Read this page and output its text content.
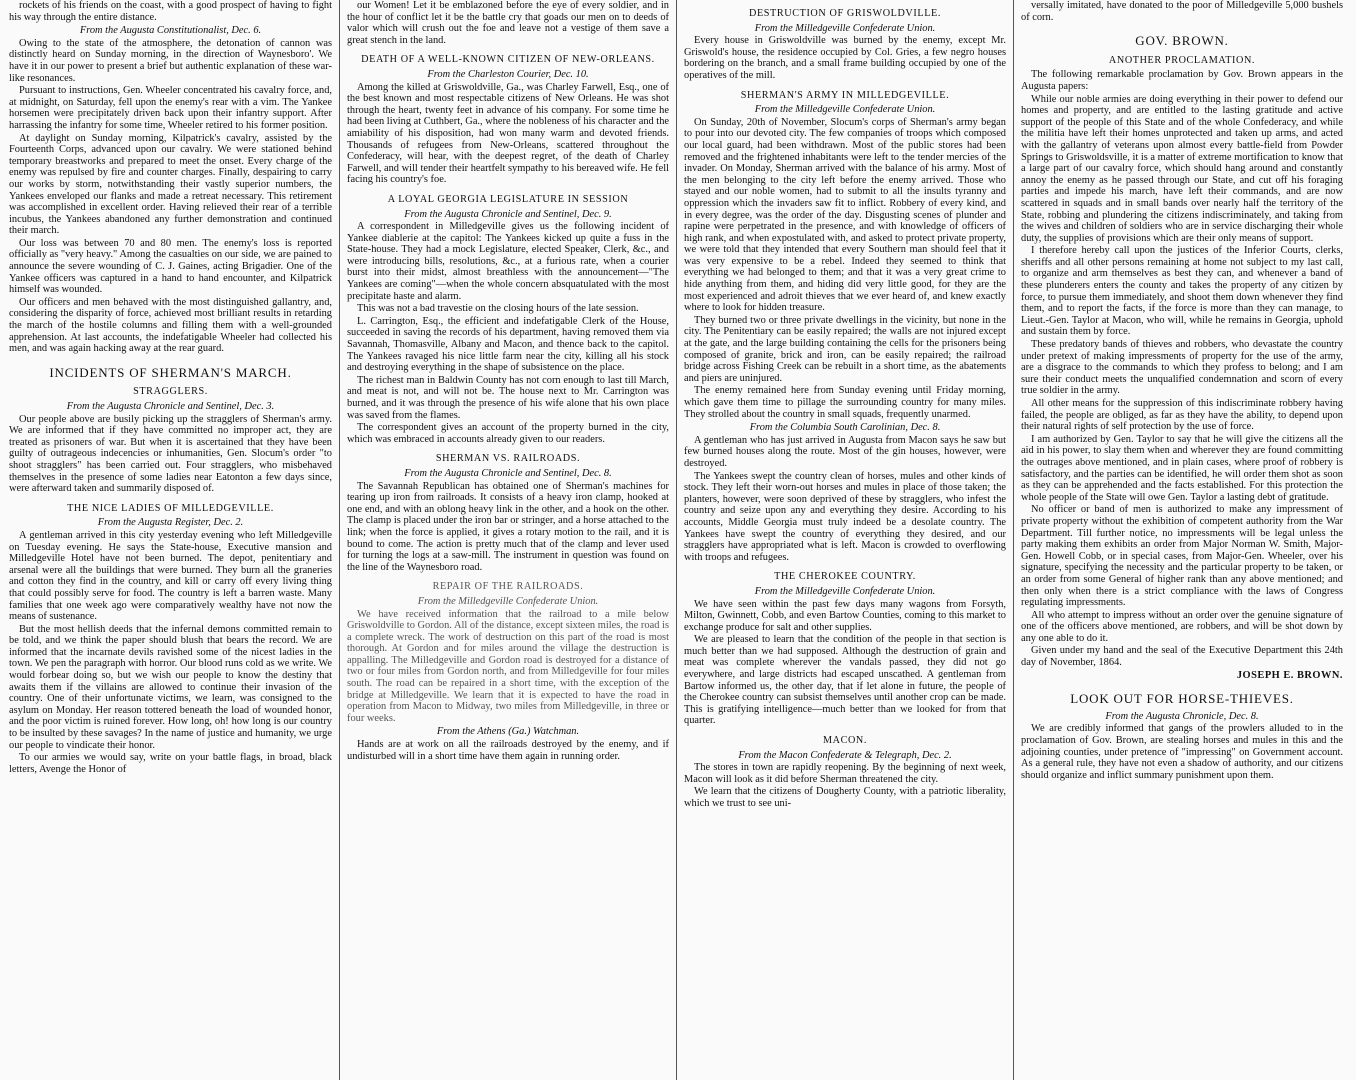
rockets of his friends on the coast, with a good prospect of having to fight his way through the entire distance.

From the Augusta Constitutionalist, Dec. 6.

Owing to the state of the atmosphere, the detonation of cannon was distinctly heard on Sunday morning, in the direction of Waynesboro'. We have it in our power to present a brief but authentic explanation of these war-like resonances.

Pursuant to instructions, Gen. Wheeler concentrated his cavalry force, and, at midnight, on Saturday, fell upon the enemy's rear with a vim. The Yankee horsemen were precipitately driven back upon their infantry support. After harrassing the infantry for some time, Wheeler retired to his former position.

At daylight on Sunday morning, Kilpatrick's cavalry, assisted by the Fourteenth Corps, advanced upon our cavalry. We were stationed behind temporary breastworks and prepared to meet the onset. Every charge of the enemy was repulsed by fire and counter charges. Finally, despairing to carry our works by storm, notwithstanding their vastly superior numbers, the Yankees enveloped our flanks and made a retreat necessary. This retirement was accomplished in excellent order. Having relieved their rear of a terrible incubus, the Yankees abandoned any further demonstration and continued their march.

Our loss was between 70 and 80 men. The enemy's loss is reported officially as "very heavy." Among the casualties on our side, we are pained to announce the severe wounding of C. J. Gaines, acting Brigadier. One of the Yankee officers was captured in a hand to hand encounter, and Kilpatrick himself was wounded.

Our officers and men behaved with the most distinguished gallantry, and, considering the disparity of force, achieved most brilliant results in retarding the march of the hostile columns and filling them with a well-grounded apprehension. At last accounts, the indefatigable Wheeler had collected his men, and was again hacking away at the rear guard.

INCIDENTS OF SHERMAN'S MARCH.
STRAGGLERS.

From the Augusta Chronicle and Sentinel, Dec. 3.

Our people above are busily picking up the stragglers of Sherman's army. We are informed that if they have committed no improper act, they are treated as prisoners of war. But when it is ascertained that they have been guilty of outrageous indecencies or inhumanities, Gen. Slocum's order "to shoot stragglers" has been carried out. Four stragglers, who misbehaved themselves in the presence of some ladies near Eatonton a few days since, were afterward taken and summarily disposed of.

THE NICE LADIES OF MILLEDGEVILLE.

From the Augusta Register, Dec. 2.

A gentleman arrived in this city yesterday evening who left Milledgeville on Tuesday evening. He says the State-house, Executive mansion and Milledgeville Hotel have not been burned. The depot, penitentiary and arsenal were all the buildings that were burned. They burn all the graneries and cotton they find in the country, and kill or carry off every living thing that could possibly serve for food. The country is left a barren waste. Many families that one week ago were comparatively wealthy have not now the means of sustenance.

But the most hellish deeds that the infernal demons committed remain to be told, and we think the paper should blush that bears the record. We are informed that the incarnate devils ravished some of the nicest ladies in the town. We pen the paragraph with horror. Our blood runs cold as we write. We would forbear doing so, but we wish our people to know the destiny that awaits them if the villains are allowed to continue their invasion of the country. One of their unfortunate victims, we learn, was consigned to the asylum on Monday. Her reason tottered beneath the load of wounded honor, and the poor victim is ruined forever. How long, oh! how long is our country to be insulted by these savages? In the name of justice and humanity, we urge our people to vindicate their honor.

To our armies we would say, write on your battle flags, in broad, black letters, Avenge the Honor of

our Women! Let it be emblazoned before the eye of every soldier, and in the hour of conflict let it be the battle cry that goads our men on to deeds of valor which will crush out the foe and leave not a vestige of them save a great stench in the land.

DEATH OF A WELL-KNOWN CITIZEN OF NEW-ORLEANS.

From the Charleston Courier, Dec. 10.

Among the killed at Griswoldville, Ga., was Charley Farwell, Esq., one of the best known and most respectable citizens of New Orleans. He was shot through the heart, twenty feet in advance of his company. For some time he had been living at Cuthbert, Ga., where the nobleness of his character and the amiability of his disposition, had won many warm and devoted friends. Thousands of refugees from New-Orleans, scattered throughout the Confederacy, will hear, with the deepest regret, of the death of Charley Farwell, and will tender their heartfelt sympathy to his bereaved wife. He fell facing his country's foe.

A LOYAL GEORGIA LEGISLATURE IN SESSION

From the Augusta Chronicle and Sentinel, Dec. 9.

A correspondent in Milledgeville gives us the following incident of Yankee diablerie at the capitol: The Yankees kicked up quite a fuss in the State-house. They had a mock Legislature, elected Speaker, Clerk, &c., and were introducing bills, resolutions, &c., at a furious rate, when a courier burst into their midst, almost breathless with the announcement—"The Yankees are coming"—when the whole concern absquatulated with the most precipitate haste and alarm.

This was not a bad travestie on the closing hours of the late session.

L. Carrington, Esq., the efficient and indefatigable Clerk of the House, succeeded in saving the records of his department, having removed them via Savannah, Thomasville, Albany and Macon, and thence back to the capitol. The Yankees ravaged his nice little farm near the city, killing all his stock and destroying everything in the shape of subsistence on the place.

The richest man in Baldwin County has not corn enough to last till March, and meat is not, and will not be. The house next to Mr. Carrington was burned, and it was through the presence of his wife alone that his own place was saved from the flames.

The correspondent gives an account of the property burned in the city, which was embraced in accounts already given to our readers.

SHERMAN VS. RAILROADS.

From the Augusta Chronicle and Sentinel, Dec. 8.

The Savannah Republican has obtained one of Sherman's machines for tearing up iron from railroads. It consists of a heavy iron clamp, hooked at one end, and with an oblong heavy link in the other, and a hook on the other. The clamp is placed under the iron bar or stringer, and a horse attached to the link; when the force is applied, it gives a rotary motion to the rail, and it is bound to come. The action is pretty much that of the clamp and lever used for turning the logs at a saw-mill. The instrument in question was found on the line of the Waynesboro road.

REPAIR OF THE RAILROADS.

From the Milledgeville Confederate Union.

We have received information that the railroad to a mile below Griswoldville to Gordon. All of the distance, except sixteen miles, the road is a complete wreck. The work of destruction on this part of the road is most thorough. At Gordon and for miles around the village the destruction is appalling. The Milledgeville and Gordon road is destroyed for a distance of two or four miles from Gordon north, and from Milledgeville for four miles south. The road can be repaired in a short time, with the exception of the bridge at Milledgeville. We learn that it is expected to have the road in operation from Macon to Midway, two miles from Milledgeville, in three or four weeks.

From the Athens (Ga.) Watchman.

Hands are at work on all the railroads destroyed by the enemy, and if undisturbed will in a short time have them again in running order.

DESTRUCTION OF GRISWOLDVILLE.

From the Milledgeville Confederate Union.

Every house in Griswoldville was burned by the enemy, except Mr. Griswold's house, the residence occupied by Col. Gries, a few negro houses bordering on the branch, and a small frame building occupied by one of the operatives of the mill.

SHERMAN'S ARMY IN MILLEDGEVILLE.

From the Milledgeville Confederate Union.

On Sunday, 20th of November, Slocum's corps of Sherman's army began to pour into our devoted city. The few companies of troops which composed our local guard, had been withdrawn. Most of the public stores had been removed and the frightened inhabitants were left to the tender mercies of the invader. On Monday, Sherman arrived with the balance of his army. Most of the men belonging to the city left before the enemy arrived. Those who stayed and our noble women, had to submit to all the insults tyranny and oppression which the invaders saw fit to inflict. Robbery of every kind, and in every degree, was the order of the day. Disgusting scenes of plunder and rapine were perpetrated in the presence, and with knowledge of officers of high rank, and when expostulated with, and asked to protect private property, we were told that they intended that every Southern man should feel that it was very expensive to be a rebel. Indeed they seemed to think that everything we had belonged to them; and that it was a very great crime to hide anything from them, and hiding did very little good, for they are the most experienced and adroit thieves that we ever heard of, and knew exactly where to look for hidden treasure.

They burned two or three private dwellings in the vicinity, but none in the city. The Penitentiary can be easily repaired; the walls are not injured except at the gate, and the large building containing the cells for the prisoners being composed of granite, brick and iron, can be easily repaired; the railroad bridge across Fishing Creek can be rebuilt in a short time, as the abatements and piers are uninjured.

The enemy remained here from Sunday evening until Friday morning, which gave them time to pillage the surrounding country for many miles. They strolled about the country in small squads, frequently unarmed.

From the Columbia South Carolinian, Dec. 8.

A gentleman who has just arrived in Augusta from Macon says he saw but few burned houses along the route. Most of the gin houses, however, were destroyed.

The Yankees swept the country clean of horses, mules and other kinds of stock. They left their worn-out horses and mules in place of those taken; the planters, however, were soon deprived of these by stragglers, who infest the country and seize upon any and everything they desire. According to his accounts, Middle Georgia must truly indeed be a desolate country. The Yankees have swept the country of everything they desired, and our stragglers have appropriated what is left. Macon is crowded to overflowing with troops and refugees.

THE CHEROKEE COUNTRY.

From the Milledgeville Confederate Union.

We have seen within the past few days many wagons from Forsyth, Milton, Gwinnett, Cobb, and even Bartow Counties, coming to this market to exchange produce for salt and other supplies.

We are pleased to learn that the condition of the people in that section is much better than we had supposed. Although the destruction of grain and meat was complete wherever the vandals passed, they did not go everywhere, and large districts had escaped unscathed. A gentleman from Bartow informed us, the other day, that if let alone in future, the people of the Cherokee country can subsist themselves until another crop can be made. This is gratifying intelligence—much better than we looked for from that quarter.

MACON.

From the Macon Confederate & Telegraph, Dec. 2.

The stores in town are rapidly reopening. By the beginning of next week, Macon will look as it did before Sherman threatened the city.

We learn that the citizens of Dougherty County, with a patriotic liberality, which we trust to see uni-

versally imitated, have donated to the poor of Milledgeville 5,000 bushels of corn.

GOV. BROWN.
ANOTHER PROCLAMATION.

The following remarkable proclamation by Gov. Brown appears in the Augusta papers:

While our noble armies are doing everything in their power to defend our homes and property, and are entitled to the lasting gratitude and active support of the people of this State and of the whole Confederacy, and while the militia have left their homes unprotected and taken up arms, and acted with the gallantry of veterans upon almost every battle-field from Powder Springs to Griswoldsville, it is a matter of extreme mortification to know that a large part of our cavalry force, which should hang around and constantly annoy the enemy as he passed through our State, and cut off his foraging parties and impede his march, have left their commands, and are now scattered in squads and in small bands over nearly half the territory of the State, robbing and plundering the citizens indiscriminately, and taking from the wives and children of soldiers who are in service discharging their whole duty, the supplies of provisions which are their only means of support.

I therefore hereby call upon the justices of the Inferior Courts, clerks, sheriffs and all other persons remaining at home not subject to my last call, to organize and arm themselves as best they can, and whenever a band of these plunderers enters the county and takes the property of any citizen by force, to pursue them immediately, and shoot them down whenever they find them, and to report the facts, if the force is more than they can manage, to Lieut.-Gen. Taylor at Macon, who will, while he remains in Georgia, uphold and sustain them by force.

These predatory bands of thieves and robbers, who devastate the country under pretext of making impressments of property for the use of the army, are a disgrace to the commands to which they profess to belong; and I am sure their conduct meets the unqualified condemnation and scorn of every true soldier in the army.

All other means for the suppression of this indiscriminate robbery having failed, the people are obliged, as far as they have the ability, to depend upon their natural rights of self protection by the use of force.

I am authorized by Gen. Taylor to say that he will give the citizens all the aid in his power, to slay them when and wherever they are found committing the outrages above mentioned, and in plain cases, where proof of robbery is satisfactory, and the parties can be identified, he will order them shot as soon as they can be apprehended and the facts established. For this protection the whole people of the State will owe Gen. Taylor a lasting debt of gratitude.

No officer or band of men is authorized to make any impressment of private property without the exhibition of competent authority from the War Department. Till further notice, no impressments will be legal unless the party making them exhibits an order from Major Norman W. Smith, Major-Gen. Howell Cobb, or in special cases, from Major-Gen. Wheeler, over his signature, specifying the necessity and the particular property to be taken, or an order from some General of higher rank than any above mentioned; and then only when there is a strict compliance with the laws of Congress regulating impressments.

All who attempt to impress without an order over the genuine signature of one of the officers above mentioned, are robbers, and will be shot down by any one able to do it.

Given under my hand and the seal of the Executive Department this 24th day of November, 1864.

JOSEPH E. BROWN.

LOOK OUT FOR HORSE-THIEVES.

From the Augusta Chronicle, Dec. 8.

We are credibly informed that gangs of the prowlers alluded to in the proclamation of Gov. Brown, are stealing horses and mules in this and the adjoining counties, under pretence of "impressing" on Government account. As a general rule, they have not even a shadow of authority, and our citizens should organize and inflict summary punishment upon them.
